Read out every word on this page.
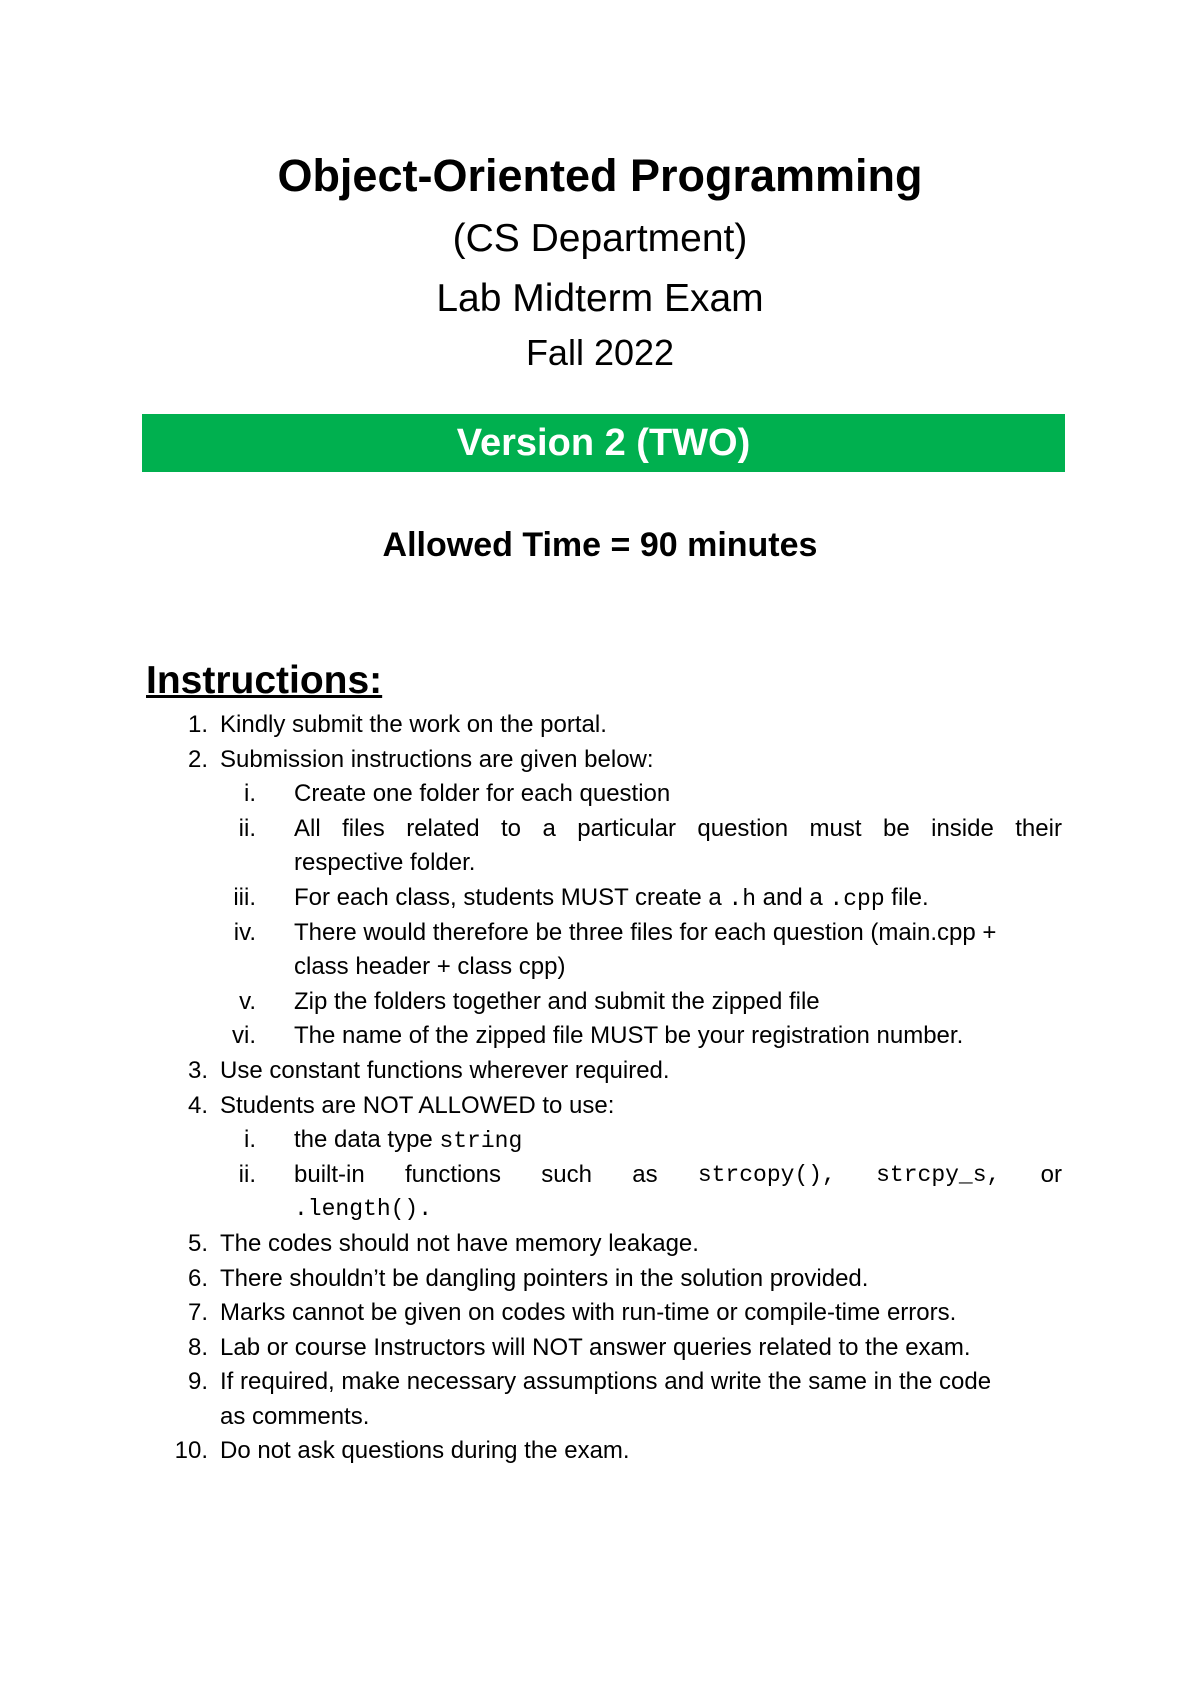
Object-Oriented Programming

(CS Department)

Lab Midterm Exam

Fall 2022

Version 2 (TWO)

Allowed Time = 90 minutes

Instructions:
1. Kindly submit the work on the portal.
2. Submission instructions are given below:
i. Create one folder for each question
ii. All files related to a particular question must be inside their
respective folder.
iii. For each class, students MUST create a .h and a .cpp file.
iv. There would therefore be three files for each question (main.cpp +
class header + class cpp)
v. Zip the folders together and submit the zipped file
vi. The name of the zipped file MUST be your registration number.
3. Use constant functions wherever required.
4. Students are NOT ALLOWED to use:
i. the data type string
ii. built-in functions such as strcopy(), strcpy_s, or
.length().
5. The codes should not have memory leakage.
6. There shouldn’t be dangling pointers in the solution provided.
7. Marks cannot be given on codes with run-time or compile-time errors.
8. Lab or course Instructors will NOT answer queries related to the exam.
9. If required, make necessary assumptions and write the same in the code
as comments.
10. Do not ask questions during the exam.
